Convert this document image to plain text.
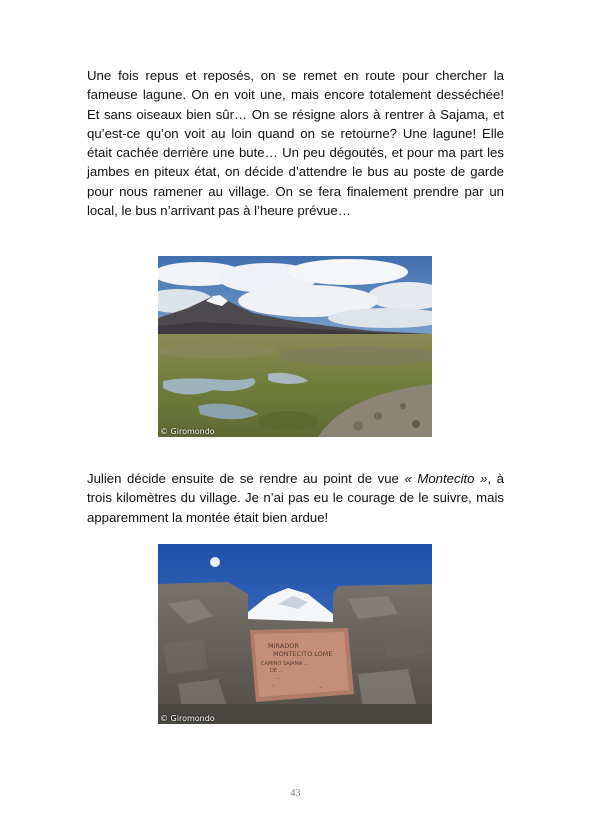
Une fois repus et reposés, on se remet en route pour chercher la fameuse lagune. On en voit une, mais encore totalement desséchée! Et sans oiseaux bien sûr… On se résigne alors à rentrer à Sajama, et qu’est-ce qu’on voit au loin quand on se retourne? Une lagune! Elle était cachée derrière une bute… Un peu dégoutés, et pour ma part les jambes en piteux état, on décide d’attendre le bus au poste de garde pour nous ramener au village. On se fera finalement prendre par un local, le bus n’arrivant pas à l’heure prévue…

© Giromondo

Julien décide ensuite de se rendre au point de vue « Montecito », à trois kilomètres du village. Je n’ai pas eu le courage de le suivre, mais apparemment la montée était bien ardue!

MIRADOR
MONTECITO LOME
CAMINO SAJAMA ...
DE ...
...
...	...
© Giromondo
43
